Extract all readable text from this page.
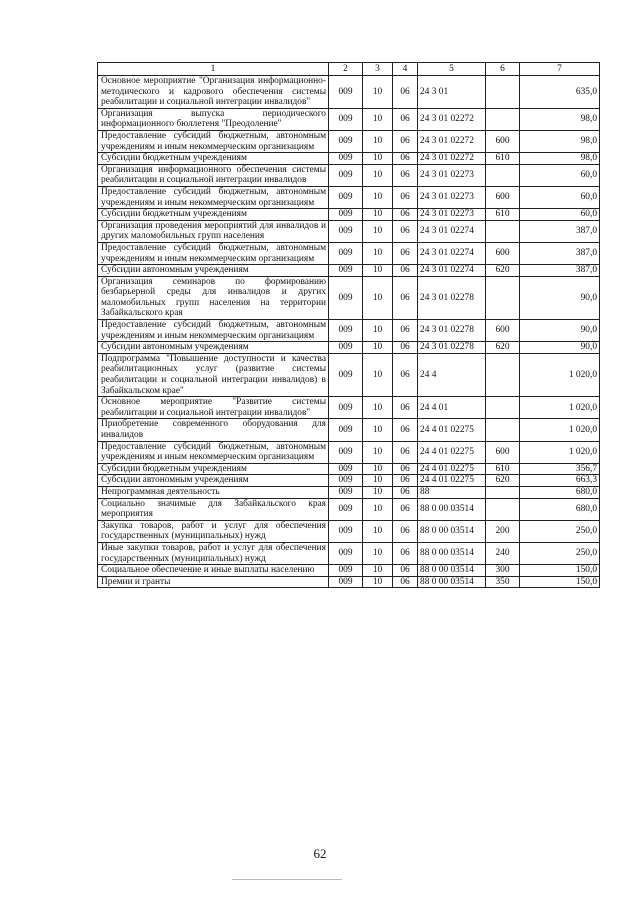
1	2	3	4	5	6	7
Основное мероприятие "Организация информационно-методического и кадрового обеспечения системы реабилитации и социальной интеграции инвалидов"	009	10	06	24 3 01		635,0
Организация выпуска периодического информационного бюллетеня "Преодоление"	009	10	06	24 3 01 02272		98,0
Предоставление субсидий бюджетным, автономным учреждениям и иным некоммерческим организациям	009	10	06	24 3 01 02272	600	98,0
Субсидии бюджетным учреждениям	009	10	06	24 3 01 02272	610	98,0
Организация информационного обеспечения системы реабилитации и социальной интеграции инвалидов	009	10	06	24 3 01 02273		60,0
Предоставление субсидий бюджетным, автономным учреждениям и иным некоммерческим организациям	009	10	06	24 3 01 02273	600	60,0
Субсидии бюджетным учреждениям	009	10	06	24 3 01 02273	610	60,0
Организация проведения мероприятий для инвалидов и других маломобильных групп населения	009	10	06	24 3 01 02274		387,0
Предоставление субсидий бюджетным, автономным учреждениям и иным некоммерческим организациям	009	10	06	24 3 01 02274	600	387,0
Субсидии автономным учреждениям	009	10	06	24 3 01 02274	620	387,0
Организация семинаров по формированию безбарьерной среды для инвалидов и других маломобильных групп населения на территории Забайкальского края	009	10	06	24 3 01 02278		90,0
Предоставление субсидий бюджетным, автономным учреждениям и иным некоммерческим организациям	009	10	06	24 3 01 02278	600	90,0
Субсидии автономным учреждениям	009	10	06	24 3 01 02278	620	90,0
Подпрограмма "Повышение доступности и качества реабилитационных услуг (развитие системы реабилитации и социальной интеграции инвалидов) в Забайкальском крае"	009	10	06	24 4		1 020,0
Основное мероприятие "Развитие системы реабилитации и социальной интеграции инвалидов"	009	10	06	24 4 01		1 020,0
Приобретение современного оборудования для инвалидов	009	10	06	24 4 01 02275		1 020,0
Предоставление субсидий бюджетным, автономным учреждениям и иным некоммерческим организациям	009	10	06	24 4 01 02275	600	1 020,0
Субсидии бюджетным учреждениям	009	10	06	24 4 01 02275	610	356,7
Субсидии автономным учреждениям	009	10	06	24 4 01 02275	620	663,3
Непрограммная деятельность	009	10	06	88		680,0
Социально значимые для Забайкальского края мероприятия	009	10	06	88 0 00 03514		680,0
Закупка товаров, работ и услуг для обеспечения государственных (муниципальных) нужд	009	10	06	88 0 00 03514	200	250,0
Иные закупки товаров, работ и услуг для обеспечения государственных (муниципальных) нужд	009	10	06	88 0 00 03514	240	250,0
Социальное обеспечение и иные выплаты населению	009	10	06	88 0 00 03514	300	150,0
Премии и гранты	009	10	06	88 0 00 03514	350	150,0
62
